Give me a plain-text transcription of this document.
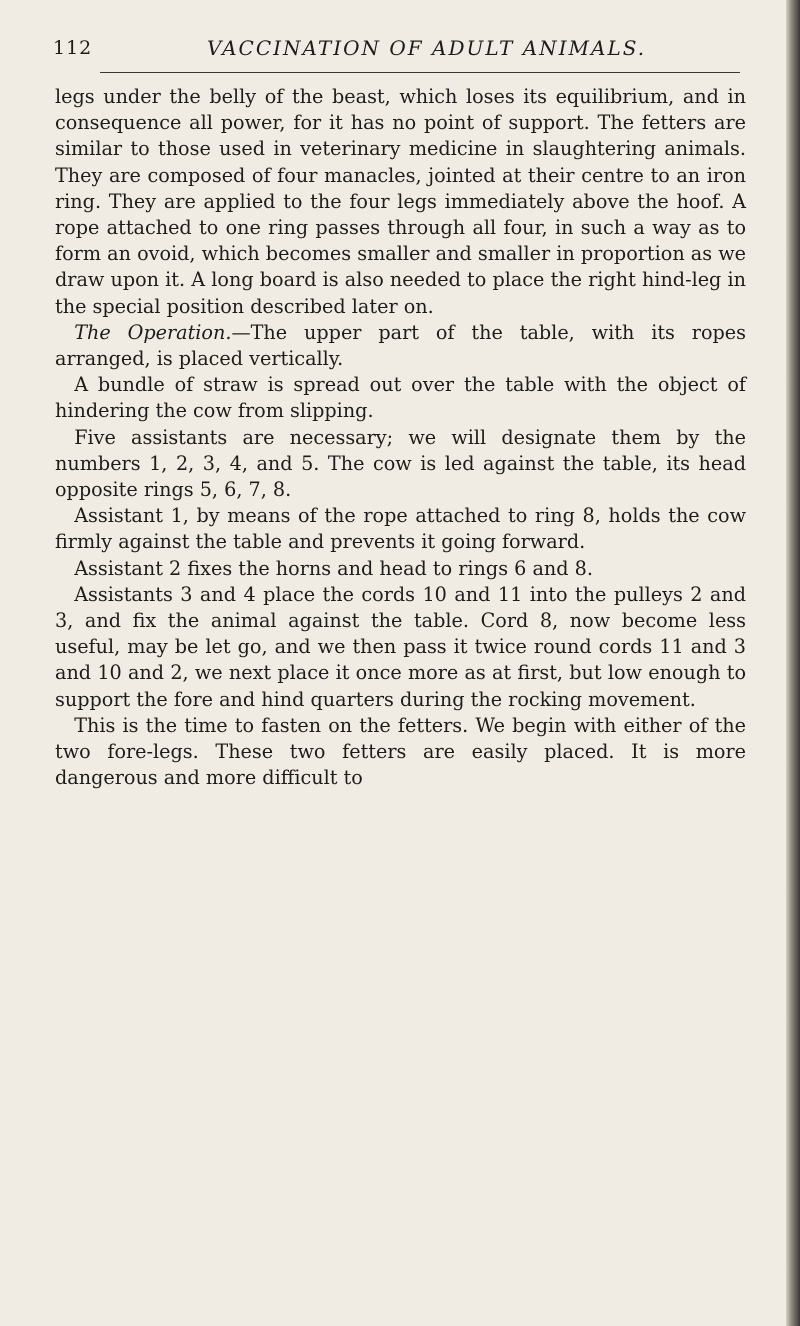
112	VACCINATION OF ADULT ANIMALS.

legs under the belly of the beast, which loses its equilibrium, and in consequence all power, for it has no point of support. The fetters are similar to those used in veterinary medicine in slaughtering animals. They are composed of four manacles, jointed at their centre to an iron ring. They are applied to the four legs immediately above the hoof. A rope attached to one ring passes through all four, in such a way as to form an ovoid, which becomes smaller and smaller in proportion as we draw upon it. A long board is also needed to place the right hind-leg in the special position described later on.

 The Operation.—The upper part of the table, with its ropes arranged, is placed vertically.

 A bundle of straw is spread out over the table with the object of hindering the cow from slipping.

 Five assistants are necessary; we will designate them by the numbers 1, 2, 3, 4, and 5. The cow is led against the table, its head opposite rings 5, 6, 7, 8.

 Assistant 1, by means of the rope attached to ring 8, holds the cow firmly against the table and prevents it going forward.

 Assistant 2 fixes the horns and head to rings 6 and 8.

 Assistants 3 and 4 place the cords 10 and 11 into the pulleys 2 and 3, and fix the animal against the table. Cord 8, now become less useful, may be let go, and we then pass it twice round cords 11 and 3 and 10 and 2, we next place it once more as at first, but low enough to support the fore and hind quarters during the rocking movement.

 This is the time to fasten on the fetters. We begin with either of the two fore-legs. These two fetters are easily placed. It is more dangerous and more difficult to
